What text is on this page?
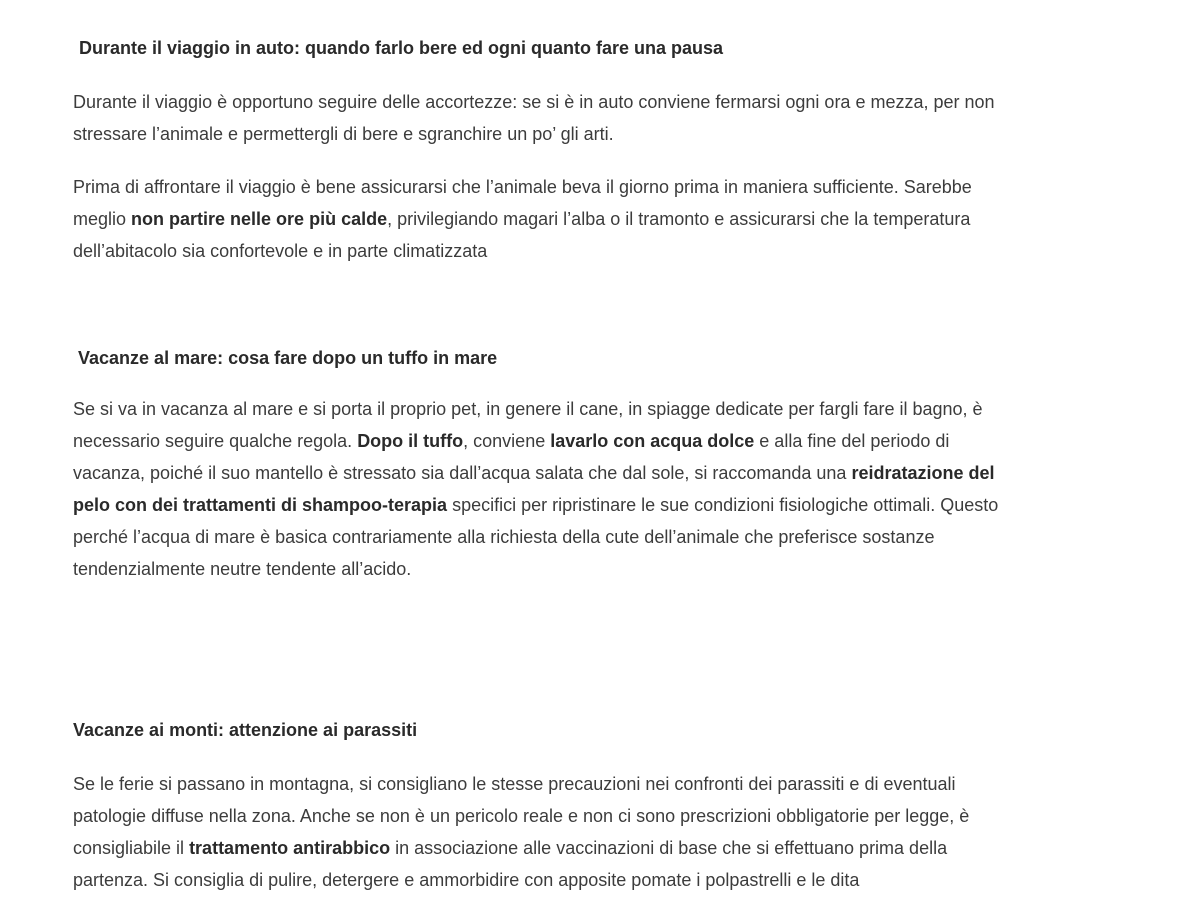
Durante il viaggio in auto: quando farlo bere ed ogni quanto fare una pausa

Durante il viaggio è opportuno seguire delle accortezze: se si è in auto conviene fermarsi ogni ora e mezza, per non
stressare l’animale e permettergli di bere e sgranchire un po’ gli arti.

Prima di affrontare il viaggio è bene assicurarsi che l’animale beva il giorno prima in maniera sufficiente. Sarebbe
meglio non partire nelle ore più calde, privilegiando magari l’alba o il tramonto e assicurarsi che la temperatura
dell’abitacolo sia confortevole e in parte climatizzata

Vacanze al mare: cosa fare dopo un tuffo in mare

Se si va in vacanza al mare e si porta il proprio pet, in genere il cane, in spiagge dedicate per fargli fare il bagno, è
necessario seguire qualche regola. Dopo il tuffo, conviene lavarlo con acqua dolce e alla fine del periodo di
vacanza, poiché il suo mantello è stressato sia dall’acqua salata che dal sole, si raccomanda una reidratazione del
pelo con dei trattamenti di shampoo-terapia specifici per ripristinare le sue condizioni fisiologiche ottimali. Questo
perché l’acqua di mare è basica contrariamente alla richiesta della cute dell’animale che preferisce sostanze
tendenzialmente neutre tendente all’acido.

Vacanze ai monti: attenzione ai parassiti

Se le ferie si passano in montagna, si consigliano le stesse precauzioni nei confronti dei parassiti e di eventuali
patologie diffuse nella zona. Anche se non è un pericolo reale e non ci sono prescrizioni obbligatorie per legge, è
consigliabile il trattamento antirabbico in associazione alle vaccinazioni di base che si effettuano prima della
partenza. Si consiglia di pulire, detergere e ammorbidire con apposite pomate i polpastrelli e le dita
